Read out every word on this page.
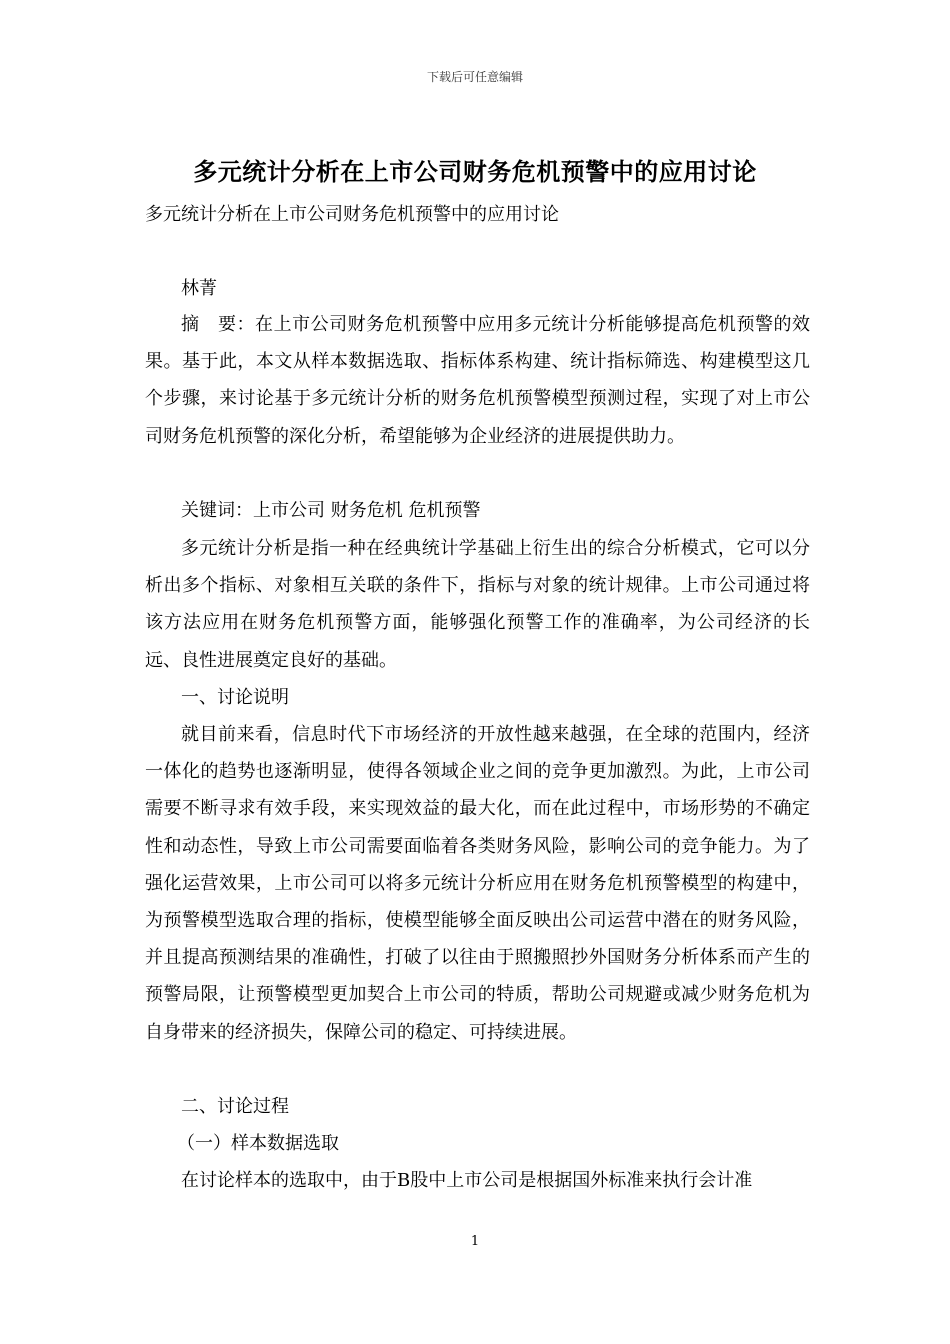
下载后可任意编辑
多元统计分析在上市公司财务危机预警中的应用讨论
多元统计分析在上市公司财务危机预警中的应用讨论
林菁
摘　要：在上市公司财务危机预警中应用多元统计分析能够提高危机预警的效果。基于此，本文从样本数据选取、指标体系构建、统计指标筛选、构建模型这几个步骤，来讨论基于多元统计分析的财务危机预警模型预测过程，实现了对上市公司财务危机预警的深化分析，希望能够为企业经济的进展提供助力。
关键词：上市公司 财务危机 危机预警
多元统计分析是指一种在经典统计学基础上衍生出的综合分析模式，它可以分析出多个指标、对象相互关联的条件下，指标与对象的统计规律。上市公司通过将该方法应用在财务危机预警方面，能够强化预警工作的准确率，为公司经济的长远、良性进展奠定良好的基础。
一、讨论说明
就目前来看，信息时代下市场经济的开放性越来越强，在全球的范围内，经济一体化的趋势也逐渐明显，使得各领域企业之间的竞争更加激烈。为此，上市公司需要不断寻求有效手段，来实现效益的最大化，而在此过程中，市场形势的不确定性和动态性，导致上市公司需要面临着各类财务风险，影响公司的竞争能力。为了强化运营效果，上市公司可以将多元统计分析应用在财务危机预警模型的构建中，为预警模型选取合理的指标，使模型能够全面反映出公司运营中潜在的财务风险，并且提高预测结果的准确性，打破了以往由于照搬照抄外国财务分析体系而产生的预警局限，让预警模型更加契合上市公司的特质，帮助公司规避或减少财务危机为自身带来的经济损失，保障公司的稳定、可持续进展。
二、讨论过程
（一）样本数据选取
在讨论样本的选取中，由于B股中上市公司是根据国外标准来执行会计准
1
